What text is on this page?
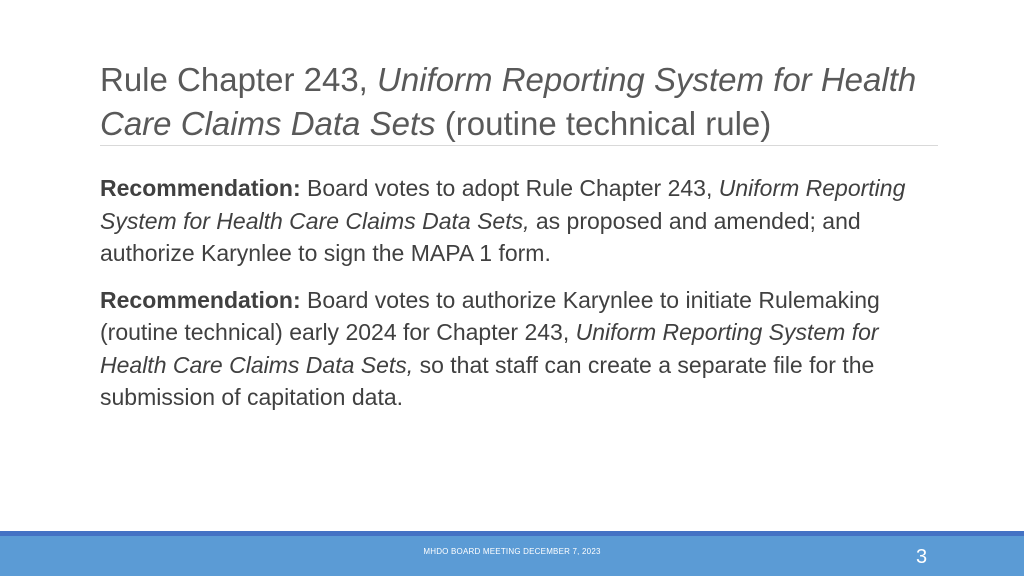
Rule Chapter 243, Uniform Reporting System for Health Care Claims Data Sets (routine technical rule)

Recommendation: Board votes to adopt Rule Chapter 243, Uniform Reporting System for Health Care Claims Data Sets, as proposed and amended; and authorize Karynlee to sign the MAPA 1 form.

Recommendation: Board votes to authorize Karynlee to initiate Rulemaking (routine technical) early 2024 for Chapter 243, Uniform Reporting System for Health Care Claims Data Sets, so that staff can create a separate file for the submission of capitation data.

MHDO BOARD MEETING DECEMBER 7, 2023	3
